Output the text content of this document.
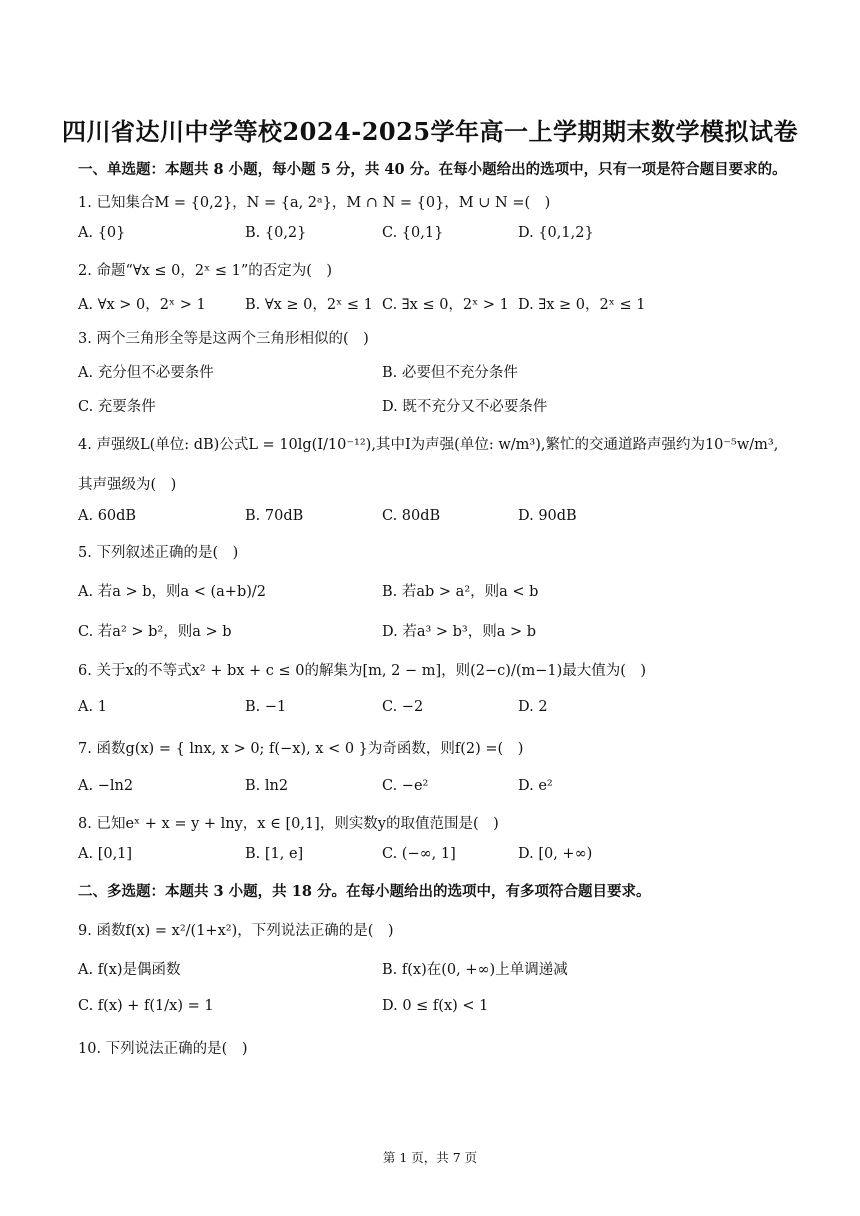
四川省达川中学等校2024-2025学年高一上学期期末数学模拟试卷
一、单选题：本题共 8 小题，每小题 5 分，共 40 分。在每小题给出的选项中，只有一项是符合题目要求的。
1. 已知集合M = {0,2}，N = {a, 2ᵃ}，M ∩ N = {0}，M ∪ N =(　)
A. {0}	B. {0,2}	C. {0,1}	D. {0,1,2}
2. 命题“∀x ≤ 0，2ˣ ≤ 1”的否定为(　)
A. ∀x > 0，2ˣ > 1	B. ∀x ≥ 0，2ˣ ≤ 1 C. ∃x ≤ 0，2ˣ > 1 D. ∃x ≥ 0，2ˣ ≤ 1
3. 两个三角形全等是这两个三角形相似的(　)
A. 充分但不必要条件	B. 必要但不充分条件
C. 充要条件	D. 既不充分又不必要条件
4. 声强级L(单位: dB)公式L = 10lg(I/10⁻¹²),其中I为声强(单位: w/m³),繁忙的交通道路声强约为10⁻⁵w/m³,
其声强级为(　)
A. 60dB	B. 70dB	C. 80dB	D. 90dB
5. 下列叙述正确的是(　)
A. 若a > b，则a < (a+b)/2	B. 若ab > a²，则a < b
C. 若a² > b²，则a > b	D. 若a³ > b³，则a > b
6. 关于x的不等式x² + bx + c ≤ 0的解集为[m, 2 − m]，则(2−c)/(m−1)最大值为(　)
A. 1	B. −1	C. −2	D. 2
7. 函数g(x) = { lnx, x > 0; f(−x), x < 0 }为奇函数，则f(2) =(　)
A. −ln2	B. ln2	C. −e²	D. e²
8. 已知eˣ + x = y + lny，x ∈ [0,1]，则实数y的取值范围是(　)
A. [0,1]	B. [1, e]	C. (−∞, 1]	D. [0, +∞)
二、多选题：本题共 3 小题，共 18 分。在每小题给出的选项中，有多项符合题目要求。
9. 函数f(x) = x²/(1+x²)，下列说法正确的是(　)
A. f(x)是偶函数	B. f(x)在(0, +∞)上单调递减
C. f(x) + f(1/x) = 1	D. 0 ≤ f(x) < 1
10. 下列说法正确的是(　)
第 1 页，共 7 页
